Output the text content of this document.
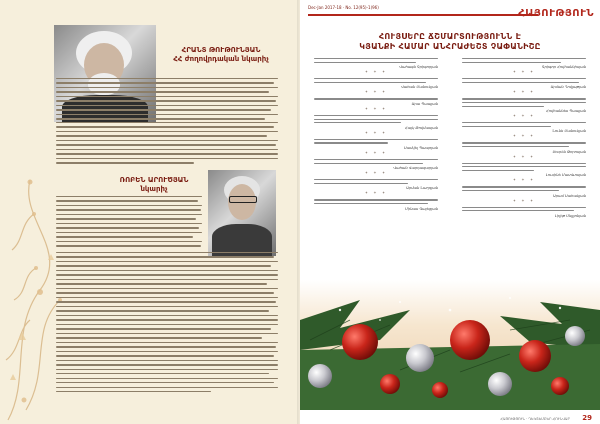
ՀՐԱՆՏ ԹՈՒԹՈՒՆՅԱՆ
ՀՀ ժողովրդական նկարիչ
ՌՈԲԵՆ ԱՐՈՒԾՅԱՆ
նկարիչ
Dec-Jan 2017-18 · No. 12(95)-1(96)
ՀԱՅՈՒԹՅՈՒՆ
ՀՈՒՅՍԵՐԸ ՃՇՄԱՐՏՈՒԹՅՈՒՆՆ Է
ԿՅԱՆՔԻ ՀԱՄԱՐ ԱՆՀՐԱԺԵՇՏ ՉԱՓԱՆԻՇԸ
Վահագն Գրիգորյան
✦ ✦ ✦
Վահան Մանուկյան
✦ ✦ ✦
Արա Պապյան
✦ ✦ ✦
Հայկ Թովմասյան
✦ ✦ ✦
Սամվել Պապոյան
✦ ✦ ✦
Վահան Վարդազարյան
✦ ✦ ✦
Արման Նաղդյան
✦ ✦ ✦
Մինաս Գալեցյան
Գրիգոր Հովհաննիսյան
✦ ✦ ✦
Արման Դովլաթյան
✦ ✦ ✦
Հովհաննես Պապյան
✦ ✦ ✦
Նունե Մանուկյան
✦ ✦ ✦
Սուրեն Թորոսյան
✦ ✦ ✦
Լուսինե Մատևոսյան
✦ ✦ ✦
Արամ Սահակյան
✦ ✦ ✦
Լիլիթ Մելքոնյան
ՀԱՅՈՒԹՅՈՒՆ · ԴԵԿՏԵՄԲԵՐ-ՀՈՒՆՎԱՐ 29
